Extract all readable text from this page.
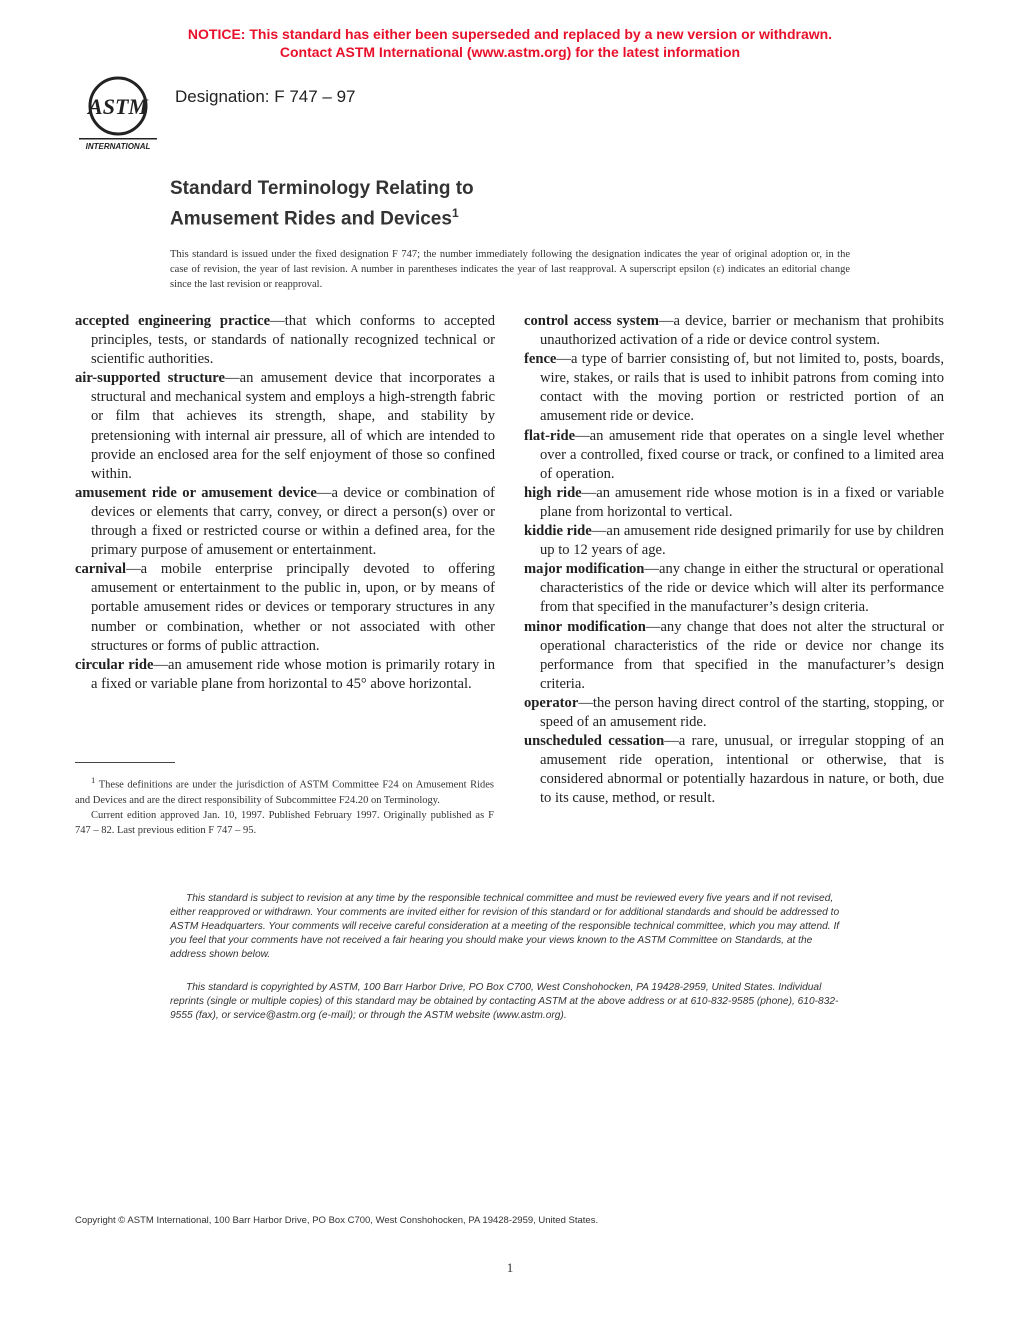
NOTICE: This standard has either been superseded and replaced by a new version or withdrawn.
Contact ASTM International (www.astm.org) for the latest information
ASTM
INTERNATIONAL
Designation: F 747 – 97
Standard Terminology Relating to
Amusement Rides and Devices$^1$
This standard is issued under the fixed designation F 747; the number immediately following the designation indicates the year of original adoption or, in the case of revision, the year of last revision. A number in parentheses indicates the year of last reapproval. A superscript epsilon (ε) indicates an editorial change since the last revision or reapproval.

accepted engineering practice—that which conforms to accepted principles, tests, or standards of nationally recognized technical or scientific authorities.

air-supported structure—an amusement device that incorporates a structural and mechanical system and employs a high-strength fabric or film that achieves its strength, shape, and stability by pretensioning with internal air pressure, all of which are intended to provide an enclosed area for the self enjoyment of those so confined within.

amusement ride or amusement device—a device or combination of devices or elements that carry, convey, or direct a person(s) over or through a fixed or restricted course or within a defined area, for the primary purpose of amusement or entertainment.

carnival—a mobile enterprise principally devoted to offering amusement or entertainment to the public in, upon, or by means of portable amusement rides or devices or temporary structures in any number or combination, whether or not associated with other structures or forms of public attraction.

circular ride—an amusement ride whose motion is primarily rotary in a fixed or variable plane from horizontal to 45° above horizontal.

control access system—a device, barrier or mechanism that prohibits unauthorized activation of a ride or device control system.

fence—a type of barrier consisting of, but not limited to, posts, boards, wire, stakes, or rails that is used to inhibit patrons from coming into contact with the moving portion or restricted portion of an amusement ride or device.

flat-ride—an amusement ride that operates on a single level whether over a controlled, fixed course or track, or confined to a limited area of operation.

high ride—an amusement ride whose motion is in a fixed or variable plane from horizontal to vertical.

kiddie ride—an amusement ride designed primarily for use by children up to 12 years of age.

major modification—any change in either the structural or operational characteristics of the ride or device which will alter its performance from that specified in the manufacturer’s design criteria.

minor modification—any change that does not alter the structural or operational characteristics of the ride or device nor change its performance from that specified in the manufacturer’s design criteria.

operator—the person having direct control of the starting, stopping, or speed of an amusement ride.

unscheduled cessation—a rare, unusual, or irregular stopping of an amusement ride operation, intentional or otherwise, that is considered abnormal or potentially hazardous in nature, or both, due to its cause, method, or result.

$^1$ These definitions are under the jurisdiction of ASTM Committee F24 on Amusement Rides and Devices and are the direct responsibility of Subcommittee F24.20 on Terminology.

Current edition approved Jan. 10, 1997. Published February 1997. Originally published as F 747 – 82. Last previous edition F 747 – 95.

This standard is subject to revision at any time by the responsible technical committee and must be reviewed every five years and if not revised, either reapproved or withdrawn. Your comments are invited either for revision of this standard or for additional standards and should be addressed to ASTM Headquarters. Your comments will receive careful consideration at a meeting of the responsible technical committee, which you may attend. If you feel that your comments have not received a fair hearing you should make your views known to the ASTM Committee on Standards, at the address shown below.

This standard is copyrighted by ASTM, 100 Barr Harbor Drive, PO Box C700, West Conshohocken, PA 19428-2959, United States. Individual reprints (single or multiple copies) of this standard may be obtained by contacting ASTM at the above address or at 610-832-9585 (phone), 610-832-9555 (fax), or service@astm.org (e-mail); or through the ASTM website (www.astm.org).

Copyright © ASTM International, 100 Barr Harbor Drive, PO Box C700, West Conshohocken, PA 19428-2959, United States.
1
